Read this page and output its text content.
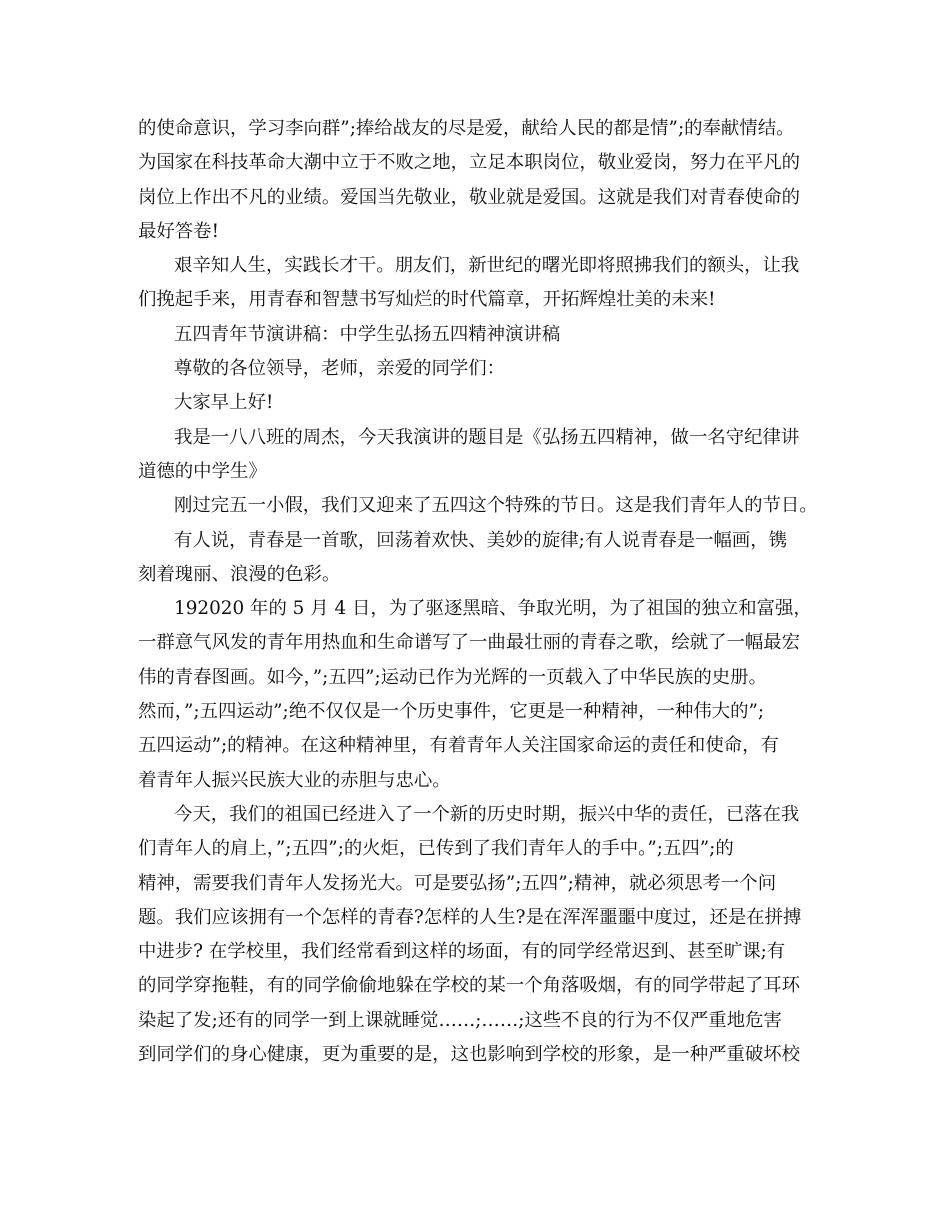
的使命意识，学习李向群”;捧给战友的尽是爱，献给人民的都是情”;的奉献情结。
为国家在科技革命大潮中立于不败之地，立足本职岗位，敬业爱岗，努力在平凡的
岗位上作出不凡的业绩。爱国当先敬业，敬业就是爱国。这就是我们对青春使命的
最好答卷!
艰辛知人生，实践长才干。朋友们，新世纪的曙光即将照拂我们的额头，让我
们挽起手来，用青春和智慧书写灿烂的时代篇章，开拓辉煌壮美的未来!
五四青年节演讲稿：中学生弘扬五四精神演讲稿
尊敬的各位领导，老师，亲爱的同学们：
大家早上好!
我是一八八班的周杰，今天我演讲的题目是《弘扬五四精神，做一名守纪律讲
道德的中学生》
刚过完五一小假，我们又迎来了五四这个特殊的节日。这是我们青年人的节日。
有人说，青春是一首歌，回荡着欢快、美妙的旋律;有人说青春是一幅画，镌
刻着瑰丽、浪漫的色彩。
192020 年的 5 月 4 日，为了驱逐黑暗、争取光明，为了祖国的独立和富强，
一群意气风发的青年用热血和生命谱写了一曲最壮丽的青春之歌，绘就了一幅最宏
伟的青春图画。如今，”;五四”;运动已作为光辉的一页载入了中华民族的史册。
然而，”;五四运动”;绝不仅仅是一个历史事件，它更是一种精神，一种伟大的”;
五四运动”;的精神。在这种精神里，有着青年人关注国家命运的责任和使命，有
着青年人振兴民族大业的赤胆与忠心。
今天，我们的祖国已经进入了一个新的历史时期，振兴中华的责任，已落在我
们青年人的肩上，”;五四”;的火炬，已传到了我们青年人的手中。”;五四”;的
精神，需要我们青年人发扬光大。可是要弘扬”;五四”;精神，就必须思考一个问
题。我们应该拥有一个怎样的青春?怎样的人生?是在浑浑噩噩中度过，还是在拼搏
中进步? 在学校里，我们经常看到这样的场面，有的同学经常迟到、甚至旷课;有
的同学穿拖鞋，有的同学偷偷地躲在学校的某一个角落吸烟，有的同学带起了耳环
染起了发;还有的同学一到上课就睡觉……;……;这些不良的行为不仅严重地危害
到同学们的身心健康，更为重要的是，这也影响到学校的形象，是一种严重破坏校
